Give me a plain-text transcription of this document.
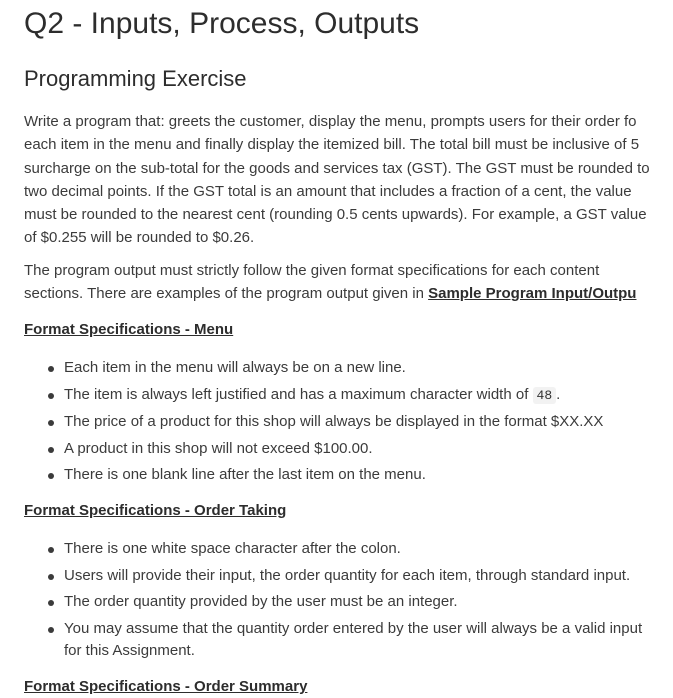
Q2 - Inputs, Process, Outputs
Programming Exercise

Write a program that: greets the customer, display the menu, prompts users for their order fo
each item in the menu and finally display the itemized bill. The total bill must be inclusive of 5
surcharge on the sub-total for the goods and services tax (GST). The GST must be rounded to
two decimal points. If the GST total is an amount that includes a fraction of a cent, the value
must be rounded to the nearest cent (rounding 0.5 cents upwards). For example, a GST value
of $0.255 will be rounded to $0.26.

The program output must strictly follow the given format specifications for each content
sections. There are examples of the program output given in Sample Program Input/Outpu

Format Specifications - Menu
Each item in the menu will always be on a new line.
The item is always left justified and has a maximum character width of 48 .
The price of a product for this shop will always be displayed in the format $XX.XX
A product in this shop will not exceed $100.00.
There is one blank line after the last item on the menu.
Format Specifications - Order Taking
There is one white space character after the colon.
Users will provide their input, the order quantity for each item, through standard input.
The order quantity provided by the user must be an integer.
You may assume that the quantity order entered by the user will always be a valid input
for this Assignment.
Format Specifications - Order Summary
